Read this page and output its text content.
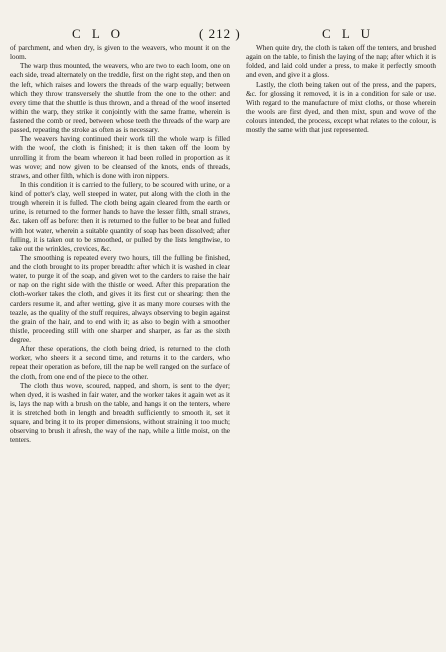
C L O	( 212 )	C L U

of parchment, and when dry, is given to the weavers, who mount it on the loom.

The warp thus mounted, the weavers, who are two to each loom, one on each side, tread alternately on the treddle, first on the right step, and then on the left, which raises and lowers the threads of the warp equally; between which they throw transversely the shuttle from the one to the other: and every time that the shuttle is thus thrown, and a thread of the woof inserted within the warp, they strike it conjointly with the same frame, wherein is fastened the comb or reed, between whose teeth the threads of the warp are passed, repeating the stroke as often as is necessary.

The weavers having continued their work till the whole warp is filled with the woof, the cloth is finished; it is then taken off the loom by unrolling it from the beam whereon it had been rolled in proportion as it was wove; and now given to be cleansed of the knots, ends of threads, straws, and other filth, which is done with iron nippers.

In this condition it is carried to the fullery, to be scoured with urine, or a kind of potter's clay, well steeped in water, put along with the cloth in the trough wherein it is fulled. The cloth being again cleared from the earth or urine, is returned to the former hands to have the lesser filth, small straws, &c. taken off as before: then it is returned to the fuller to be beat and fulled with hot water, wherein a suitable quantity of soap has been dissolved; after fulling, it is taken out to be smoothed, or pulled by the lists lengthwise, to take out the wrinkles, crevices, &c.

The smoothing is repeated every two hours, till the fulling be finished, and the cloth brought to its proper breadth: after which it is washed in clear water, to purge it of the soap, and given wet to the carders to raise the hair or nap on the right side with the thistle or weed. After this preparation the cloth-worker takes the cloth, and gives it its first cut or shearing: then the carders resume it, and after wetting, give it as many more courses with the teazle, as the quality of the stuff requires, always observing to begin against the grain of the hair, and to end with it; as also to begin with a smoother thistle, proceeding still with one sharper and sharper, as far as the sixth degree.

After these operations, the cloth being dried, is returned to the cloth worker, who sheers it a second time, and returns it to the carders, who repeat their operation as before, till the nap be well ranged on the surface of the cloth, from one end of the piece to the other.

The cloth thus wove, scoured, napped, and shorn, is sent to the dyer; when dyed, it is washed in fair water, and the worker takes it again wet as it is, lays the nap with a brush on the table, and hangs it on the tenters, where it is stretched both in length and breadth sufficiently to smooth it, set it square, and bring it to its proper dimensions, without straining it too much; observing to brush it afresh, the way of the nap, while a little moist, on the tenters.

When quite dry, the cloth is taken off the tenters, and brushed again on the table, to finish the laying of the nap; after which it is folded, and laid cold under a press, to make it perfectly smooth and even, and give it a gloss.

Lastly, the cloth being taken out of the press, and the papers, &c. for glossing it removed, it is in a condition for sale or use. With regard to the manufacture of mixt cloths, or those wherein the wools are first dyed, and then mixt, spun and wove of the colours intended, the process, except what relates to the colour, is mostly the same with that just represented.
